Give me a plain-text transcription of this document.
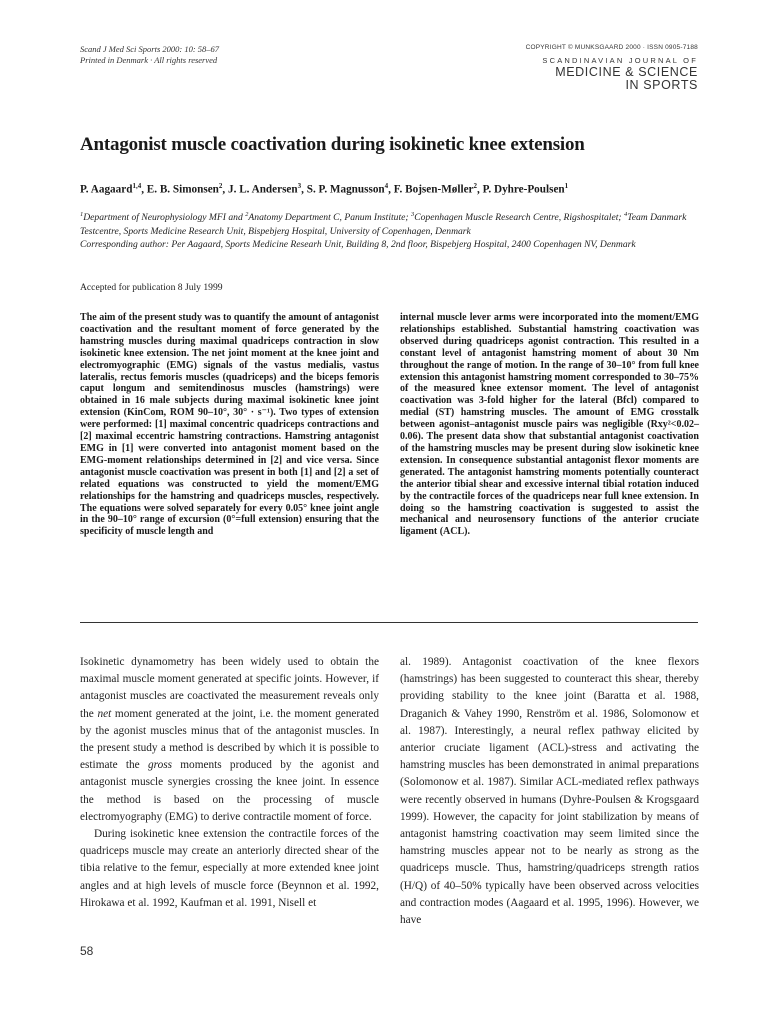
Scand J Med Sci Sports 2000: 10: 58–67
Printed in Denmark · All rights reserved
COPYRIGHT © MUNKSGAARD 2000 · ISSN 0905-7188
SCANDINAVIAN JOURNAL OF
MEDICINE & SCIENCE
IN SPORTS
Antagonist muscle coactivation during isokinetic knee extension
P. Aagaard$^{1,4}$, E. B. Simonsen$^2$, J. L. Andersen$^3$, S. P. Magnusson$^4$, F. Bojsen-Møller$^2$, P. Dyhre-Poulsen$^1$
$^1$Department of Neurophysiology MFI and $^2$Anatomy Department C, Panum Institute; $^3$Copenhagen Muscle Research Centre, Rigshospitalet; $^4$Team Danmark Testcentre, Sports Medicine Research Unit, Bispebjerg Hospital, University of Copenhagen, Denmark
Corresponding author: Per Aagaard, Sports Medicine Researh Unit, Building 8, 2nd floor, Bispebjerg Hospital, 2400 Copenhagen NV, Denmark
Accepted for publication 8 July 1999
The aim of the present study was to quantify the amount of antagonist coactivation and the resultant moment of force generated by the hamstring muscles during maximal quadriceps contraction in slow isokinetic knee extension. The net joint moment at the knee joint and electromyographic (EMG) signals of the vastus medialis, vastus lateralis, rectus femoris muscles (quadriceps) and the biceps femoris caput longum and semitendinosus muscles (hamstrings) were obtained in 16 male subjects during maximal isokinetic knee joint extension (KinCom, ROM 90–10°, 30° · s⁻¹). Two types of extension were performed: [1] maximal concentric quadriceps contractions and [2] maximal eccentric hamstring contractions. Hamstring antagonist EMG in [1] were converted into antagonist moment based on the EMG-moment relationships determined in [2] and vice versa. Since antagonist muscle coactivation was present in both [1] and [2] a set of related equations was constructed to yield the moment/EMG relationships for the hamstring and quadriceps muscles, respectively. The equations were solved separately for every 0.05° knee joint angle in the 90–10° range of excursion (0°=full extension) ensuring that the specificity of muscle length and
internal muscle lever arms were incorporated into the moment/EMG relationships established. Substantial hamstring coactivation was observed during quadriceps agonist contraction. This resulted in a constant level of antagonist hamstring moment of about 30 Nm throughout the range of motion. In the range of 30–10° from full knee extension this antagonist hamstring moment corresponded to 30–75% of the measured knee extensor moment. The level of antagonist coactivation was 3-fold higher for the lateral (Bfcl) compared to medial (ST) hamstring muscles. The amount of EMG crosstalk between agonist–antagonist muscle pairs was negligible (Rxy²<0.02–0.06). The present data show that substantial antagonist coactivation of the hamstring muscles may be present during slow isokinetic knee extension. In consequence substantial antagonist flexor moments are generated. The antagonist hamstring moments potentially counteract the anterior tibial shear and excessive internal tibial rotation induced by the contractile forces of the quadriceps near full knee extension. In doing so the hamstring coactivation is suggested to assist the mechanical and neurosensory functions of the anterior cruciate ligament (ACL).

Isokinetic dynamometry has been widely used to obtain the maximal muscle moment generated at specific joints. However, if antagonist muscles are coactivated the measurement reveals only the net moment generated at the joint, i.e. the moment generated by the agonist muscles minus that of the antagonist muscles. In the present study a method is described by which it is possible to estimate the gross moments produced by the agonist and antagonist muscle synergies crossing the knee joint. In essence the method is based on the processing of muscle electromyography (EMG) to derive contractile moment of force.

During isokinetic knee extension the contractile forces of the quadriceps muscle may create an anteriorly directed shear of the tibia relative to the femur, especially at more extended knee joint angles and at high levels of muscle force (Beynnon et al. 1992, Hirokawa et al. 1992, Kaufman et al. 1991, Nisell et

al. 1989). Antagonist coactivation of the knee flexors (hamstrings) has been suggested to counteract this shear, thereby providing stability to the knee joint (Baratta et al. 1988, Draganich & Vahey 1990, Renström et al. 1986, Solomonow et al. 1987). Interestingly, a neural reflex pathway elicited by anterior cruciate ligament (ACL)-stress and activating the hamstring muscles has been demonstrated in animal preparations (Solomonow et al. 1987). Similar ACL-mediated reflex pathways were recently observed in humans (Dyhre-Poulsen & Krogsgaard 1999). However, the capacity for joint stabilization by means of antagonist hamstring coactivation may seem limited since the hamstring muscles appear not to be nearly as strong as the quadriceps muscle. Thus, hamstring/quadriceps strength ratios (H/Q) of 40–50% typically have been observed across velocities and contraction modes (Aagaard et al. 1995, 1996). However, we have

58
